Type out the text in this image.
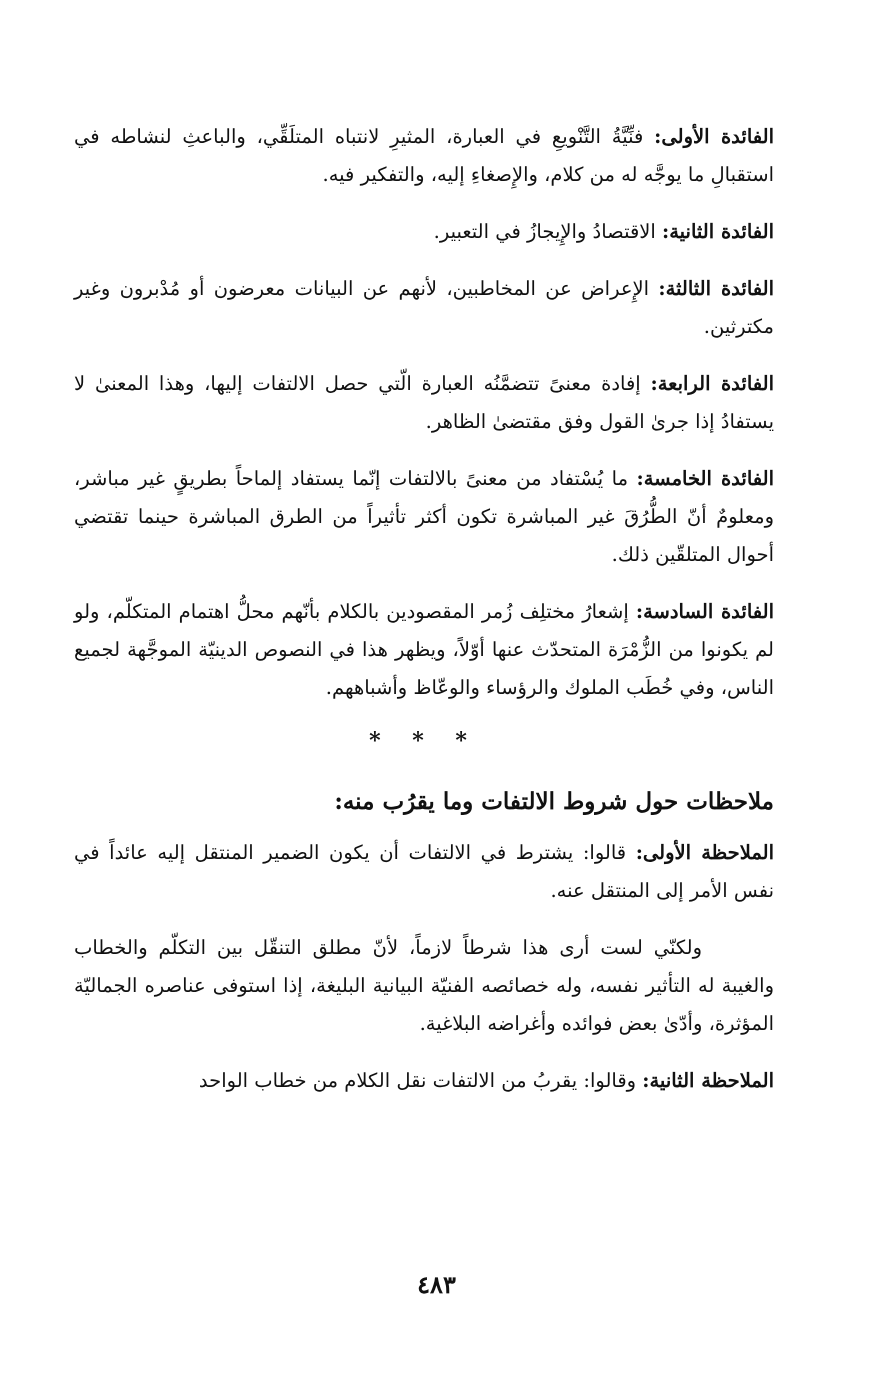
الفائدة الأولى: فنِّيَّةُ التَّنْويعِ في العبارة، المثيرِ لانتباه المتلَقِّي، والباعثِ لنشاطه في استقبالِ ما يوجَّه له من كلام، والإِصغاءِ إليه، والتفكير فيه.

الفائدة الثانية: الاقتصادُ والإِيجازُ في التعبير.

الفائدة الثالثة: الإِعراض عن المخاطبين، لأنهم عن البيانات معرضون أو مُدْبرون وغير مكترثين.

الفائدة الرابعة: إفادة معنىً تتضمَّنُه العبارة الّتي حصل الالتفات إليها، وهذا المعنىٰ لا يستفادُ إذا جرىٰ القول وفق مقتضىٰ الظاهر.

الفائدة الخامسة: ما يُسْتفاد من معنىً بالالتفات إنّما يستفاد إلماحاً بطريقٍ غير مباشر، ومعلومٌ أنّ الطُّرُقَ غير المباشرة تكون أكثر تأثيراً من الطرق المباشرة حينما تقتضي أحوال المتلقّين ذلك.

الفائدة السادسة: إشعارُ مختلِف زُمر المقصودين بالكلام بأنّهم محلُّ اهتمام المتكلّم، ولو لم يكونوا من الزُّمْرَة المتحدّث عنها أوّلاً، ويظهر هذا في النصوص الدينيّة الموجَّهة لجميع الناس، وفي خُطَب الملوك والرؤساء والوعّاظ وأشباههم.

* * *
ملاحظات حول شروط الالتفات وما يقرُب منه:

الملاحظة الأولى: قالوا: يشترط في الالتفات أن يكون الضمير المنتقل إليه عائداً في نفس الأمر إلى المنتقل عنه.

ولكنّي لست أرى هذا شرطاً لازماً، لأنّ مطلق التنقّل بين التكلّم والخطاب والغيبة له التأثير نفسه، وله خصائصه الفنيّة البيانية البليغة، إذا استوفى عناصره الجماليّة المؤثرة، وأدّىٰ بعض فوائده وأغراضه البلاغية.

الملاحظة الثانية: وقالوا: يقربُ من الالتفات نقل الكلام من خطاب الواحد

٤٨٣
